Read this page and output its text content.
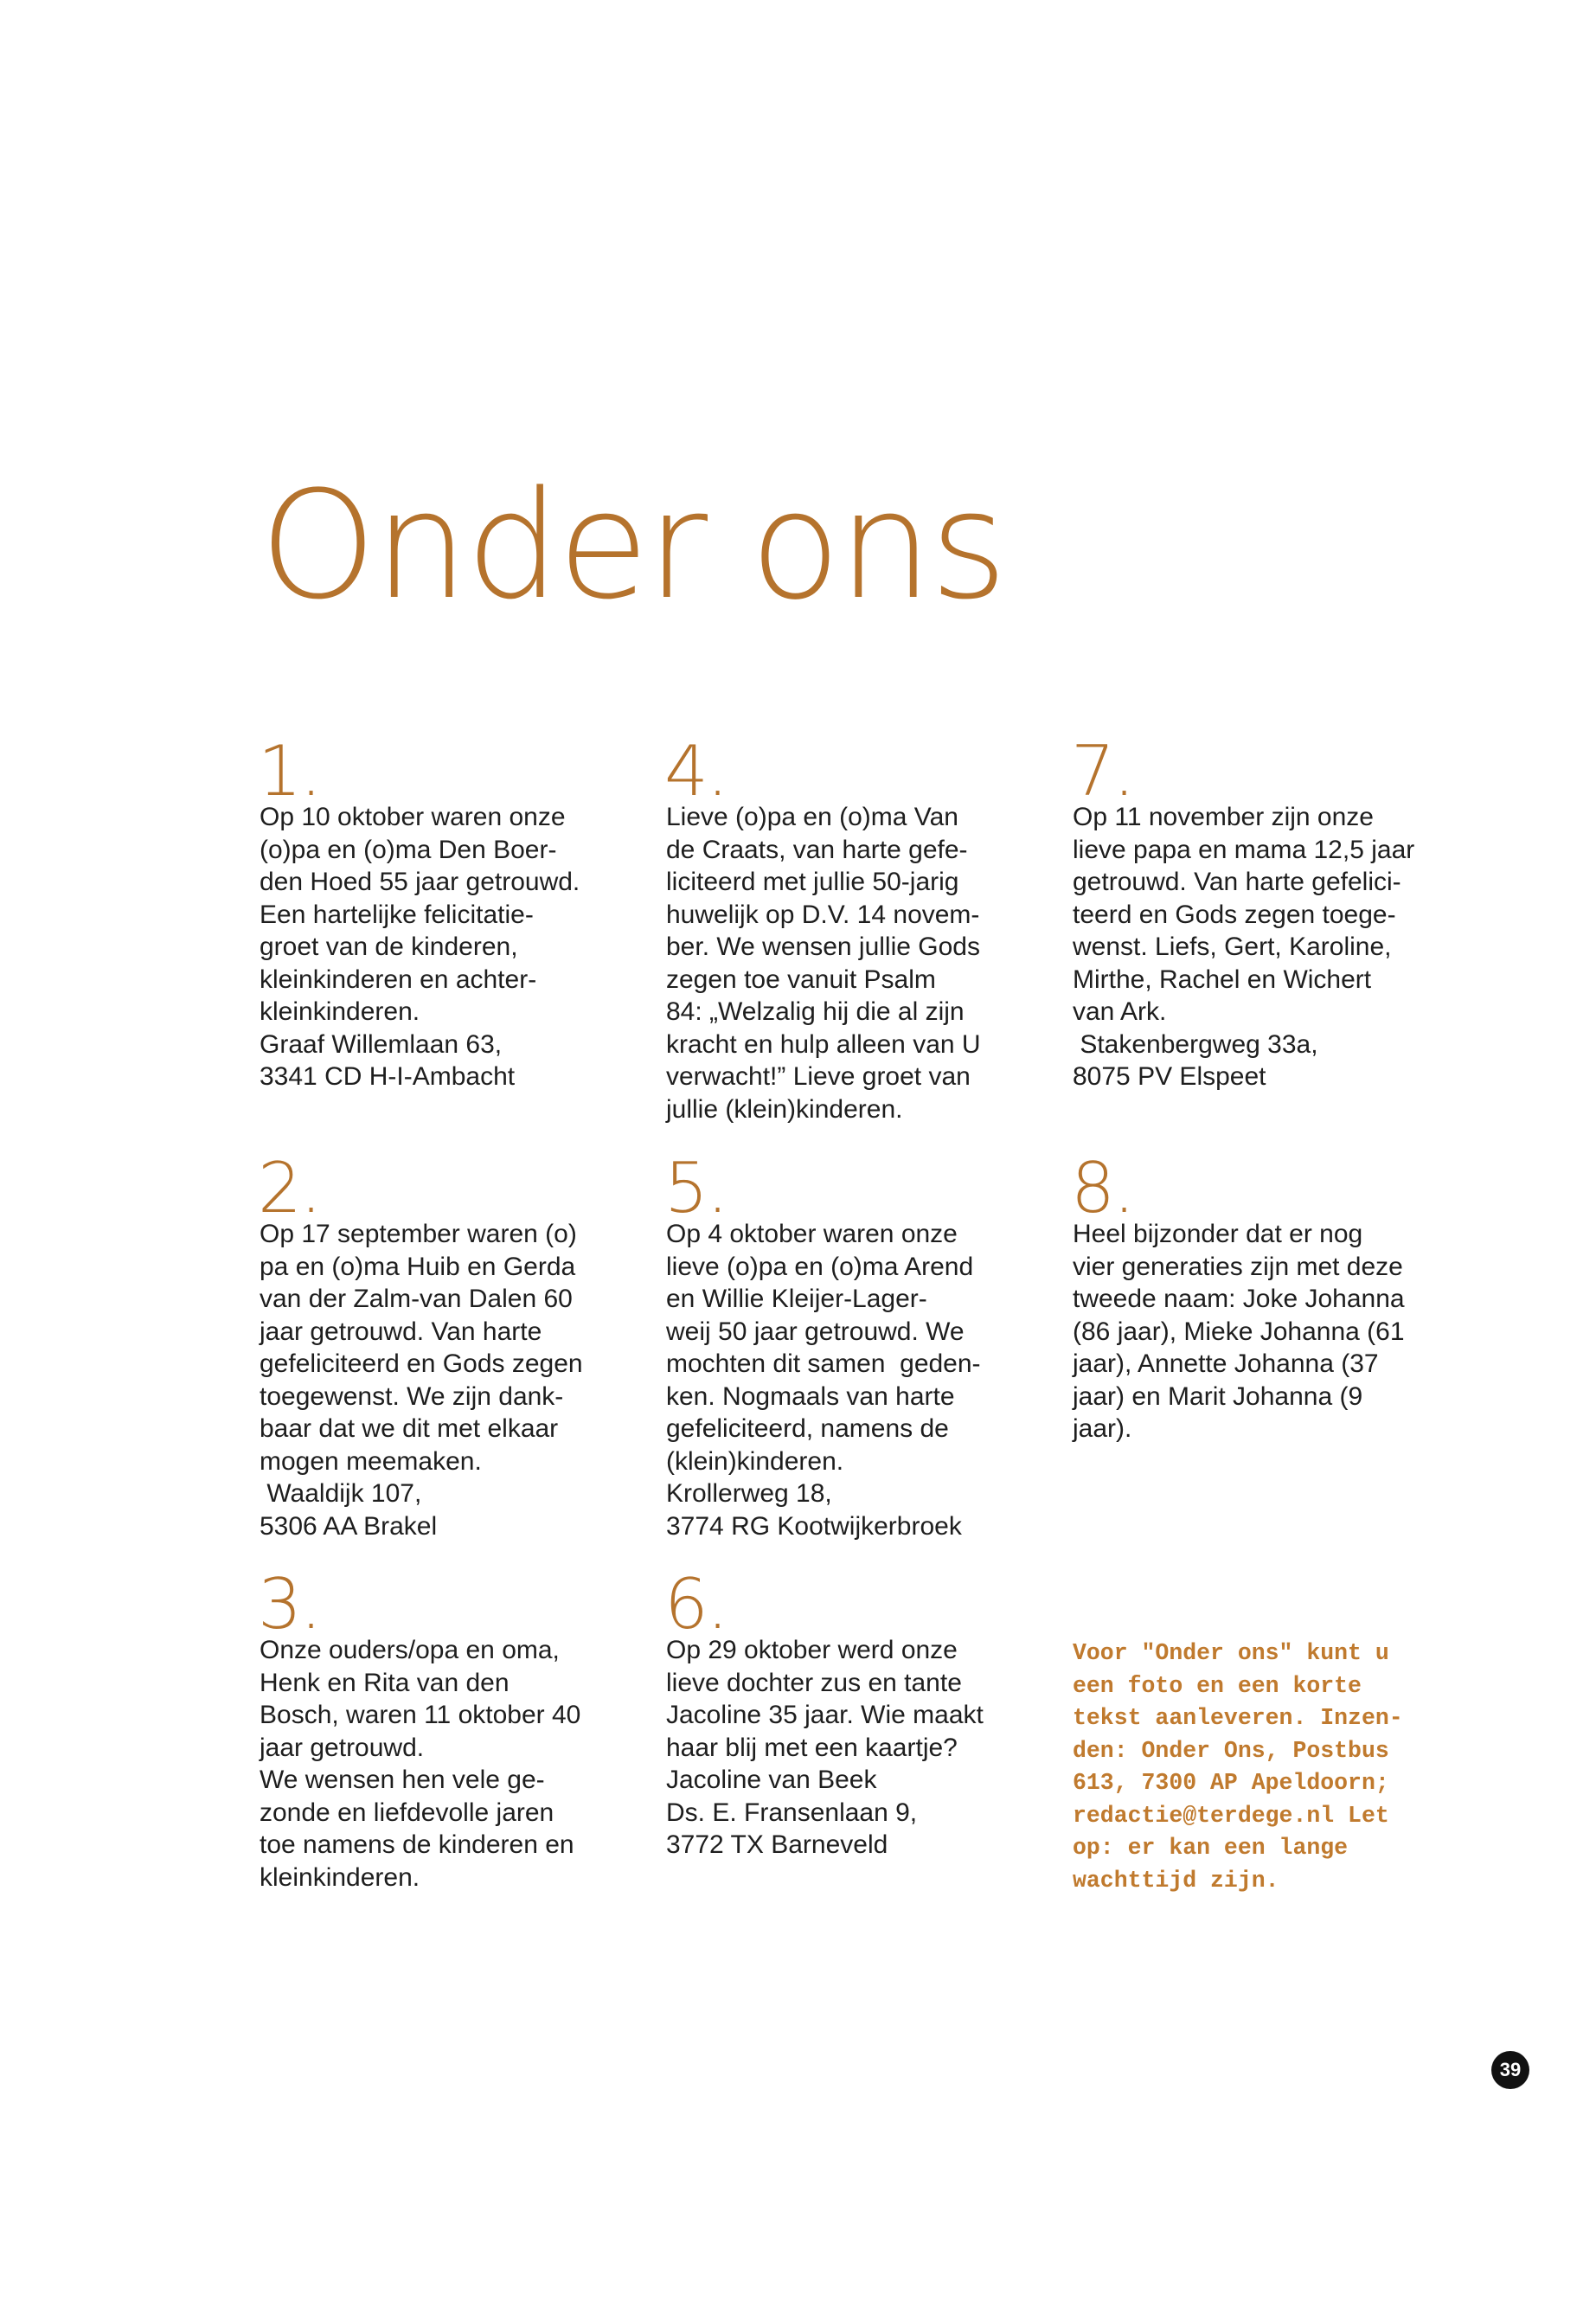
Onder ons
1.
Op 10 oktober waren onze
(o)pa en (o)ma Den Boer-
den Hoed 55 jaar getrouwd.
Een hartelijke felicitatie-
groet van de kinderen,
kleinkinderen en achter-
kleinkinderen.
Graaf Willemlaan 63,
3341 CD H-I-Ambacht
2.
Op 17 september waren (o)
pa en (o)ma Huib en Gerda
van der Zalm-van Dalen 60
jaar getrouwd. Van harte
gefeliciteerd en Gods zegen
toegewenst. We zijn dank-
baar dat we dit met elkaar
mogen meemaken.
Waaldijk 107,
5306 AA Brakel
3.
Onze ouders/opa en oma,
Henk en Rita van den
Bosch, waren 11 oktober 40
jaar getrouwd.
We wensen hen vele ge-
zonde en liefdevolle jaren
toe namens de kinderen en
kleinkinderen.
4.
Lieve (o)pa en (o)ma Van
de Craats, van harte gefe-
liciteerd met jullie 50-jarig
huwelijk op D.V. 14 novem-
ber. We wensen jullie Gods
zegen toe vanuit Psalm
84: „Welzalig hij die al zijn
kracht en hulp alleen van U
verwacht!” Lieve groet van
jullie (klein)kinderen.
5.
Op 4 oktober waren onze
lieve (o)pa en (o)ma Arend
en Willie Kleijer-Lager-
weij 50 jaar getrouwd. We
mochten dit samen  geden-
ken. Nogmaals van harte
gefeliciteerd, namens de
(klein)kinderen.
Krollerweg 18,
3774 RG Kootwijkerbroek
6.
Op 29 oktober werd onze
lieve dochter zus en tante
Jacoline 35 jaar. Wie maakt
haar blij met een kaartje?
Jacoline van Beek
Ds. E. Fransenlaan 9,
3772 TX Barneveld
7.
Op 11 november zijn onze
lieve papa en mama 12,5 jaar
getrouwd. Van harte gefelici-
teerd en Gods zegen toege-
wenst. Liefs, Gert, Karoline,
Mirthe, Rachel en Wichert
van Ark.
Stakenbergweg 33a,
8075 PV Elspeet
8.
Heel bijzonder dat er nog
vier generaties zijn met deze
tweede naam: Joke Johanna
(86 jaar), Mieke Johanna (61
jaar), Annette Johanna (37
jaar) en Marit Johanna (9
jaar).
Voor "Onder ons" kunt u
een foto en een korte
tekst aanleveren. Inzen-
den: Onder Ons, Postbus
613, 7300 AP Apeldoorn;
redactie@terdege.nl Let
op: er kan een lange
wachttijd zijn.
39
